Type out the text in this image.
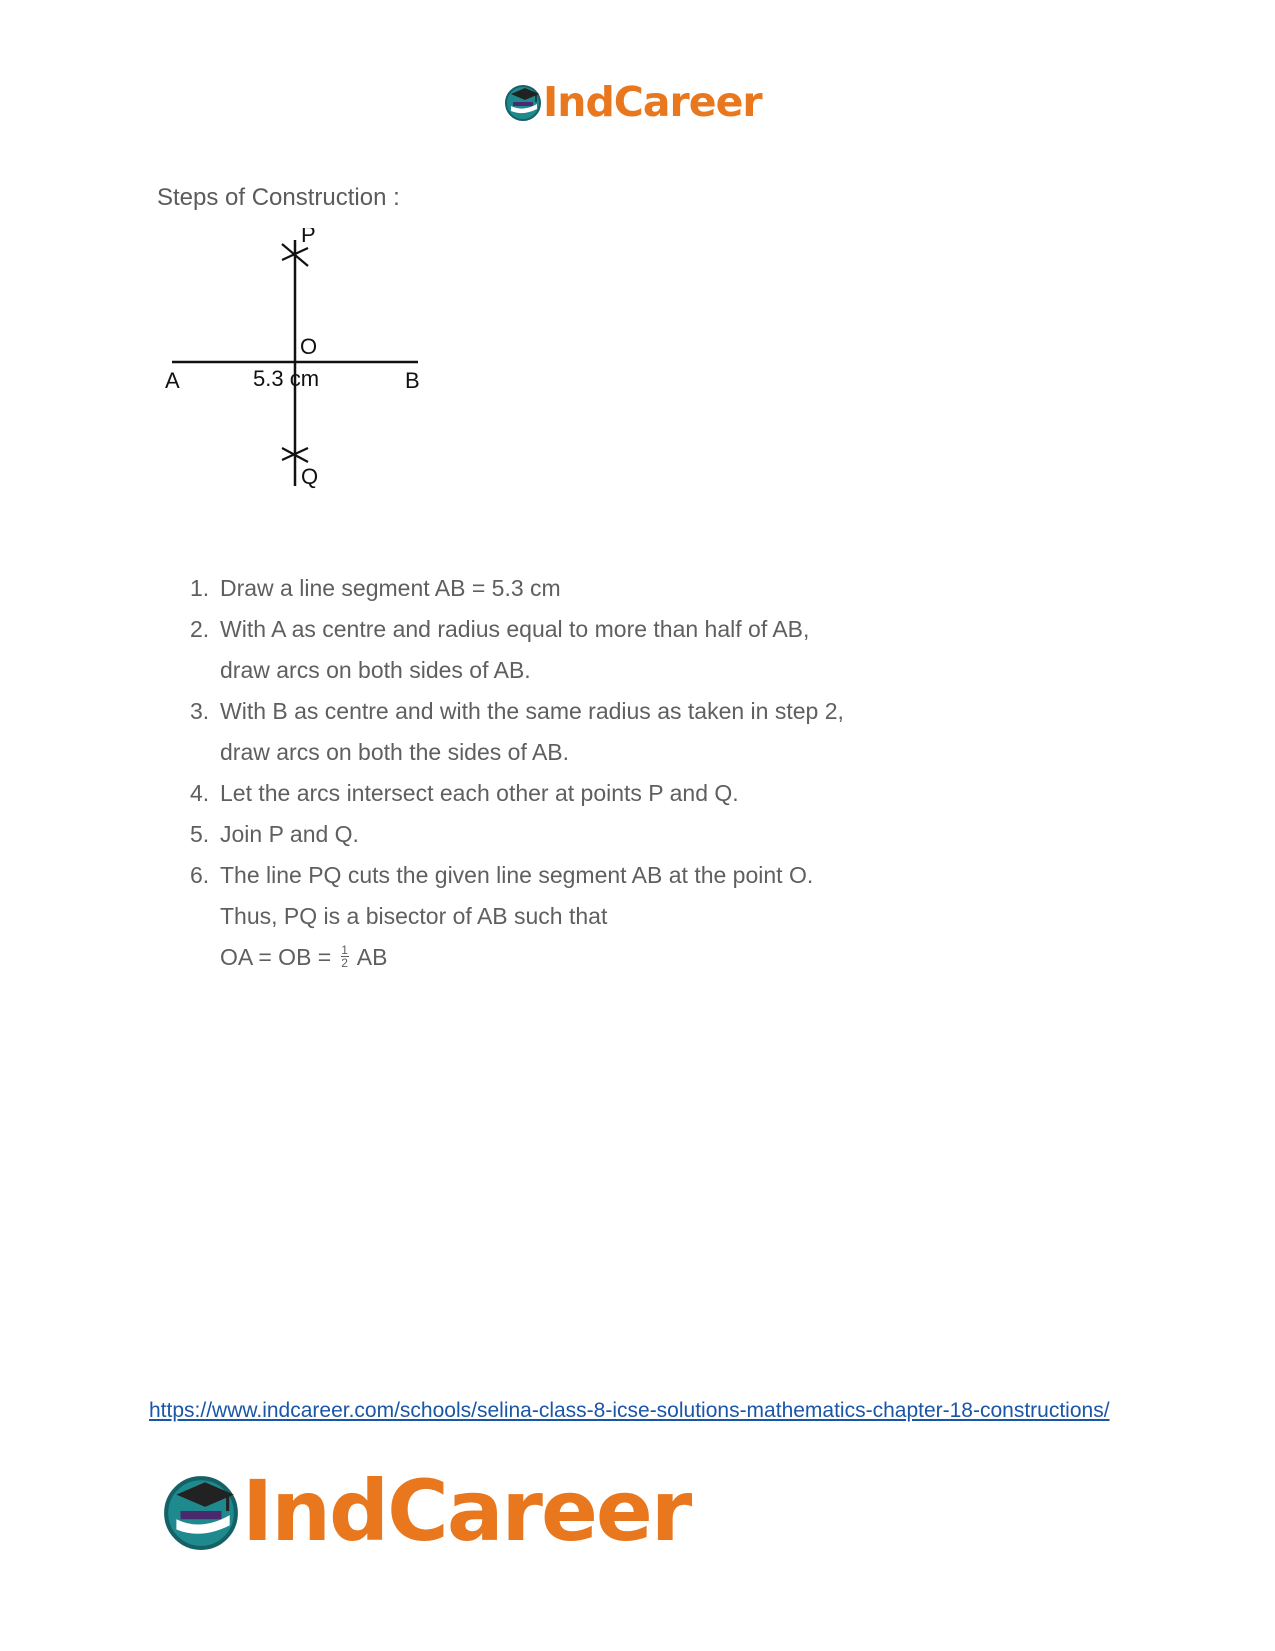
IndCareer
Steps of Construction :
P
O
A	5.3 cm	B
Q
1. Draw a line segment AB = 5.3 cm
2. With A as centre and radius equal to more than half of AB,
draw arcs on both sides of AB.
3. With B as centre and with the same radius as taken in step 2,
draw arcs on both the sides of AB.
4. Let the arcs intersect each other at points P and Q.
5. Join P and Q.
6. The line PQ cuts the given line segment AB at the point O.
Thus, PQ is a bisector of AB such that
OA = OB = $\frac{1}{2}$ AB
https://www.indcareer.com/schools/selina-class-8-icse-solutions-mathematics-chapter-18-constructions/
IndCareer
